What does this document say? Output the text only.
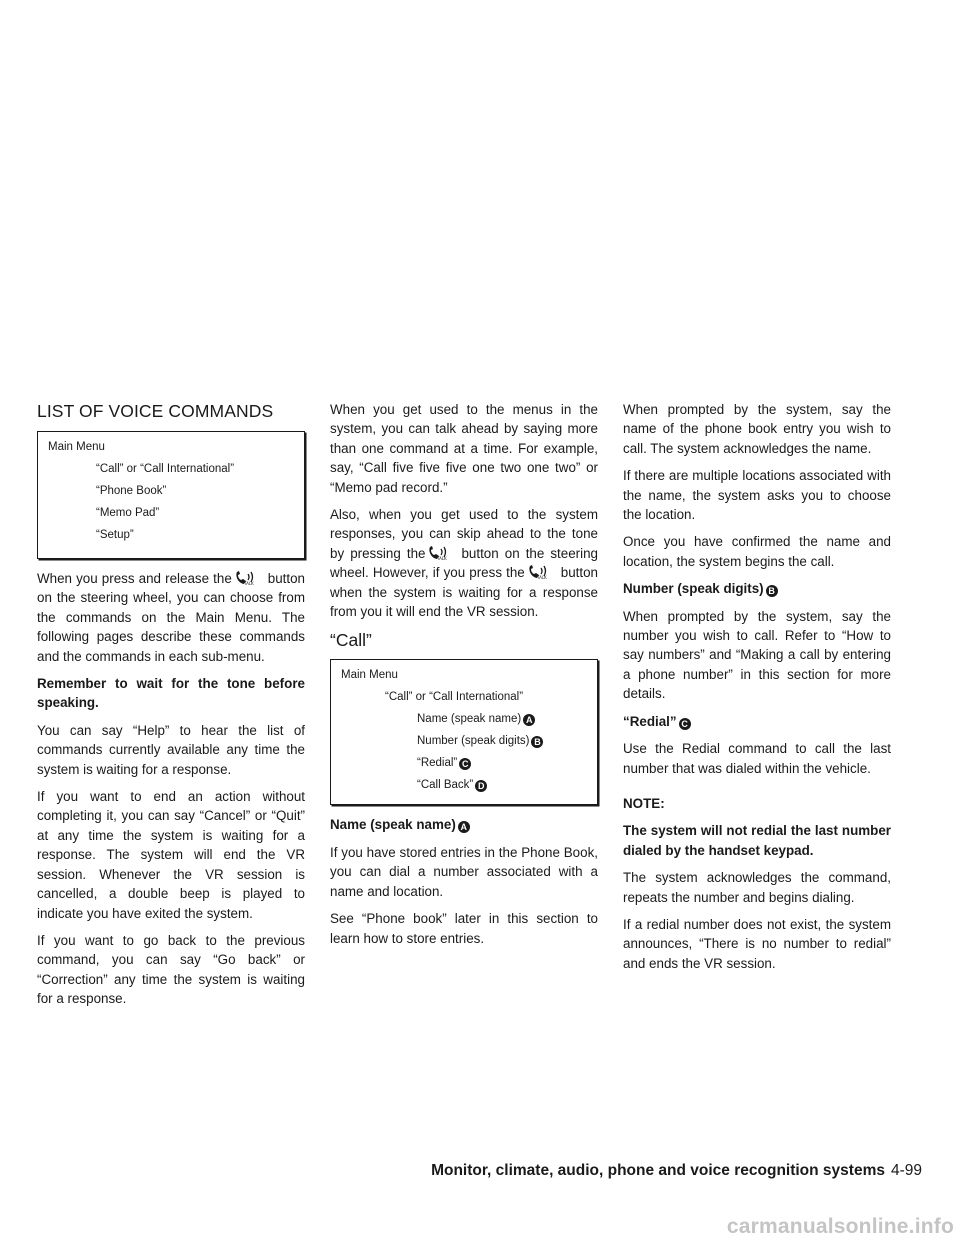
LIST OF VOICE COMMANDS
Main Menu
“Call” or “Call International”
“Phone Book”
“Memo Pad”
“Setup”

When you press and release the	TALK button on the steering wheel, you can choose from the commands on the Main Menu. The following pages describe these commands and the commands in each sub-menu.

Remember to wait for the tone before speaking.

You can say “Help” to hear the list of commands currently available any time the system is waiting for a response.

If you want to end an action without completing it, you can say “Cancel” or “Quit” at any time the system is waiting for a response. The system will end the VR session. Whenever the VR session is cancelled, a double beep is played to indicate you have exited the system.

If you want to go back to the previous command, you can say “Go back” or “Correction” any time the system is waiting for a response.

When you get used to the menus in the system, you can talk ahead by saying more than one command at a time. For example, say, “Call five five five one two one two” or “Memo pad record.”

Also, when you get used to the system responses, you can skip ahead to the tone by pressing the	TALK button on the steering wheel. However, if you press the	TALK button when the system is waiting for a response from you it will end the VR session.

“Call”
Main Menu
“Call” or “Call International”
Name (speak name) A
Number (speak digits) B
“Redial” C
“Call Back” D

Name (speak name) A

If you have stored entries in the Phone Book, you can dial a number associated with a name and location.

See “Phone book” later in this section to learn how to store entries.

When prompted by the system, say the name of the phone book entry you wish to call. The system acknowledges the name.

If there are multiple locations associated with the name, the system asks you to choose the location.

Once you have confirmed the name and location, the system begins the call.

Number (speak digits) B

When prompted by the system, say the number you wish to call. Refer to “How to say numbers” and “Making a call by entering a phone number” in this section for more details.

“Redial” C

Use the Redial command to call the last number that was dialed within the vehicle.

NOTE:

The system will not redial the last number dialed by the handset keypad.

The system acknowledges the command, repeats the number and begins dialing.

If a redial number does not exist, the system announces, “There is no number to redial” and ends the VR session.

Monitor, climate, audio, phone and voice recognition systems 4-99
carmanualsonline.info
